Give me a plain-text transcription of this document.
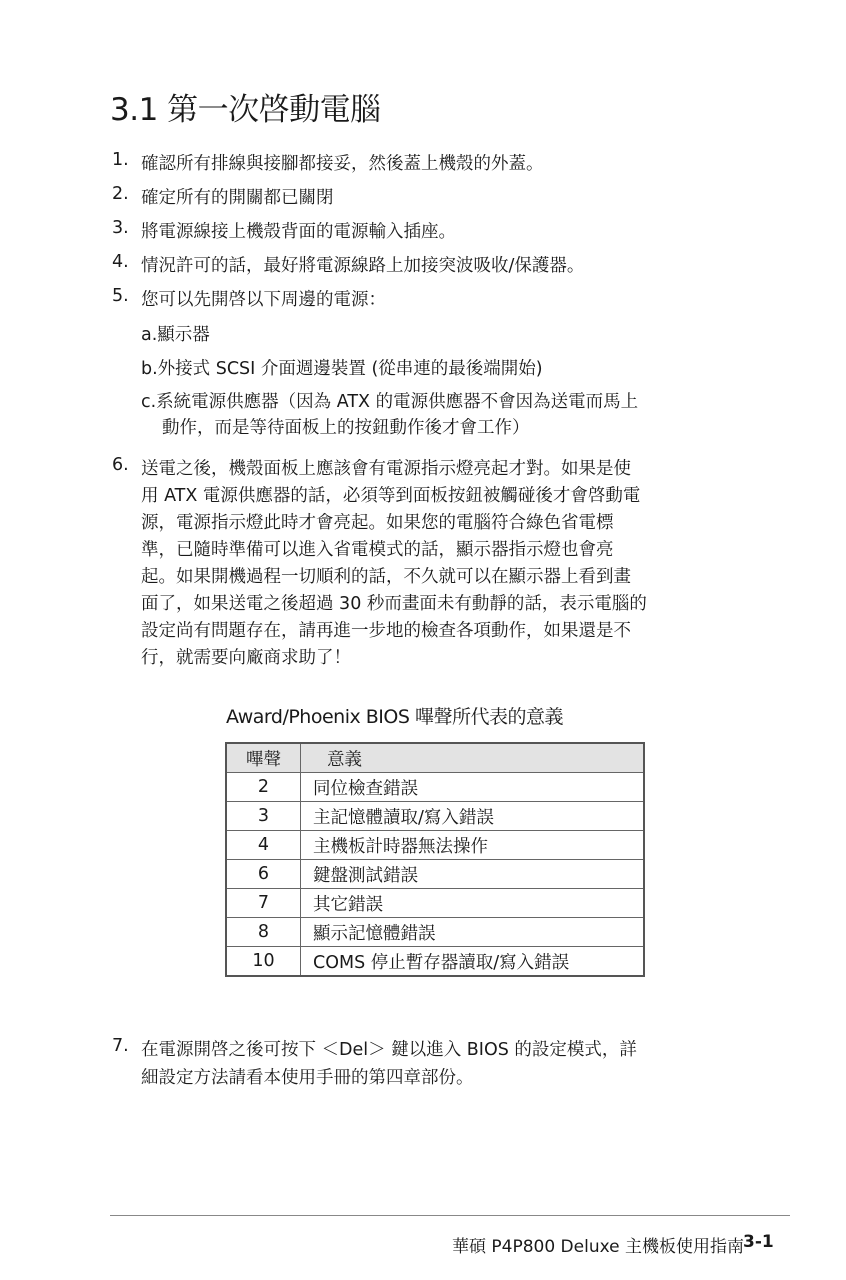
3.1 第一次啓動電腦
1. 確認所有排線與接腳都接妥，然後蓋上機殼的外蓋。
2. 確定所有的開關都已關閉
3. 將電源線接上機殼背面的電源輸入插座。
4. 情況許可的話，最好將電源線路上加接突波吸收/保護器。
5. 您可以先開啓以下周邊的電源：
a.顯示器
b.外接式 SCSI 介面週邊裝置 (從串連的最後端開始)
c.系統電源供應器（因為 ATX 的電源供應器不會因為送電而馬上
動作，而是等待面板上的按鈕動作後才會工作）
6. 送電之後，機殼面板上應該會有電源指示燈亮起才對。如果是使
用 ATX 電源供應器的話，必須等到面板按鈕被觸碰後才會啓動電
源，電源指示燈此時才會亮起。如果您的電腦符合綠色省電標
準，已隨時準備可以進入省電模式的話，顯示器指示燈也會亮
起。如果開機過程一切順利的話，不久就可以在顯示器上看到畫
面了，如果送電之後超過 30 秒而畫面未有動靜的話，表示電腦的
設定尚有問題存在，請再進一步地的檢查各項動作，如果還是不
行，就需要向廠商求助了！
Award/Phoenix BIOS 嗶聲所代表的意義
嗶聲	意義
2	同位檢查錯誤
3	主記憶體讀取/寫入錯誤
4	主機板計時器無法操作
6	鍵盤測試錯誤
7	其它錯誤
8	顯示記憶體錯誤
10	COMS 停止暫存器讀取/寫入錯誤
7. 在電源開啓之後可按下 ＜Del＞ 鍵以進入 BIOS 的設定模式，詳
細設定方法請看本使用手冊的第四章部份。
華碩 P4P800 Deluxe 主機板使用指南 3-1
